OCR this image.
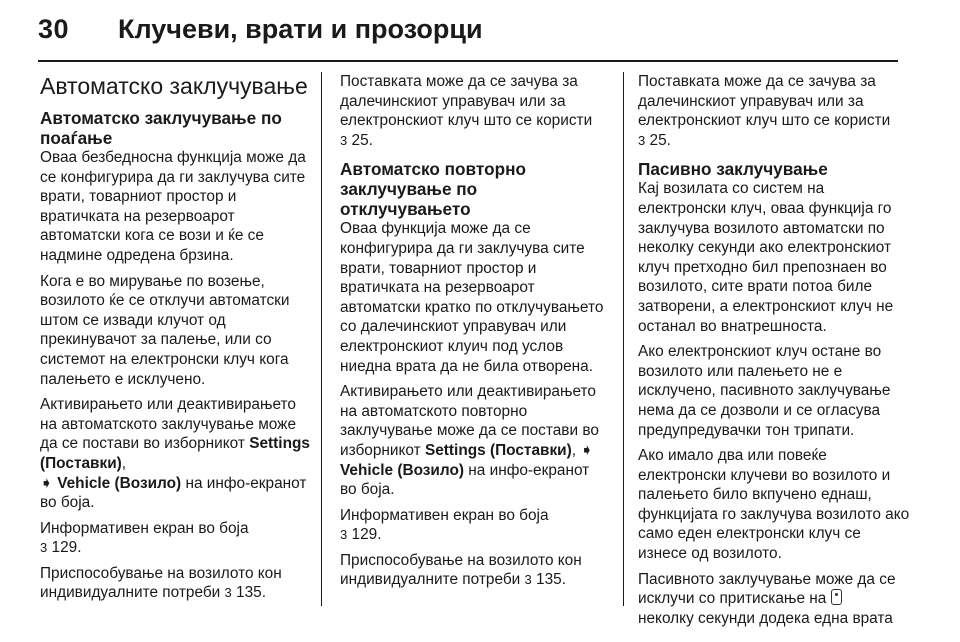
30 Клучеви, врати и прозорци
Автоматско заклучување
Автоматско заклучување по поаѓање

Оваа безбедносна функција може да се конфигурира да ги заклучува сите врати, товарниот простор и вратичката на резервоарот автоматски кога се вози и ќе се надмине одредена брзина.

Кога е во мирување по возење, возилото ќе се отклучи автоматски штом се извади клучот од прекинувачот за палење, или со системот на електронски клуч кога палењето е исклучено.

Активирањето или деактивирањето на автоматското заклучување може да се постави во изборникот Settings (Поставки),
➧ Vehicle (Возило) на инфо-екранот во боја.

Информативен екран во боја
3 129.

Приспособување на возилото кон индивидуалните потреби 3 135.

Поставката може да се зачува за далечинскиот управувач или за електронскиот клуч што се користи
3 25.

Автоматско повторно заклучување по отклучувањето

Оваа функција може да се конфигурира да ги заклучува сите врати, товарниот простор и вратичката на резервоарот автоматски кратко по отклучувањето со далечинскиот управувач или електронскиот клуич под услов ниедна врата да не била отворена.

Активирањето или деактивирањето на автоматското повторно заклучување може да се постави во изборникот Settings (Поставки), ➧ Vehicle (Возило) на инфо-екранот во боја.

Информативен екран во боја
3 129.

Приспособување на возилото кон индивидуалните потреби 3 135.

Поставката може да се зачува за далечинскиот управувач или за електронскиот клуч што се користи
3 25.

Пасивно заклучување

Кај возилата со систем на електронски клуч, оваа функција го заклучува возилото автоматски по неколку секунди ако електронскиот клуч претходно бил препознаен во возилото, сите врати потоа биле затворени, а електронскиот клуч не останал во внатрешноста.

Ако електронскиот клуч остане во возилото или палењето не е исклучено, пасивното заклучување нема да се дозволи и се огласува предупредувачки тон трипати.

Ако имало два или повеќе електронски клучеви во возилото и палењето било вкпучено еднаш, функцијата го заклучува возилото ако само еден електронски клуч се изнесе од возилото.

Пасивното заклучување може да се исклучи со притискање на
неколку секунди додека една врата
